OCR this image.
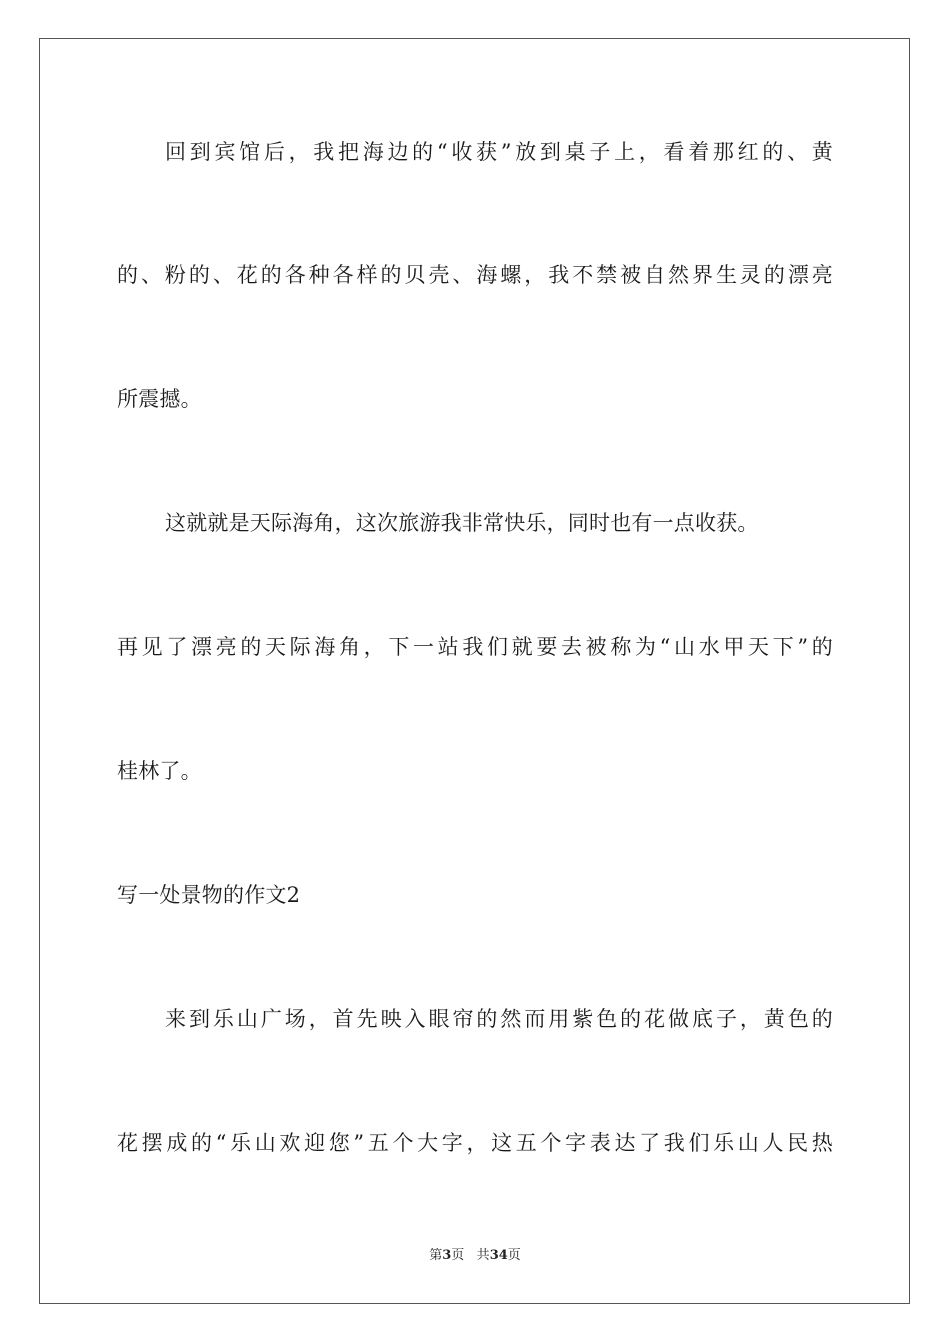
回到宾馆后，我把海边的“收获”放到桌子上，看着那红的、黄
的、粉的、花的各种各样的贝壳、海螺，我不禁被自然界生灵的漂亮
所震撼。
这就就是天际海角，这次旅游我非常快乐，同时也有一点收获。
再见了漂亮的天际海角，下一站我们就要去被称为“山水甲天下”的
桂林了。
写一处景物的作文2
来到乐山广场，首先映入眼帘的然而用紫色的花做底子，黄色的
花摆成的“乐山欢迎您”五个大字，这五个字表达了我们乐山人民热
第3页 共34页
